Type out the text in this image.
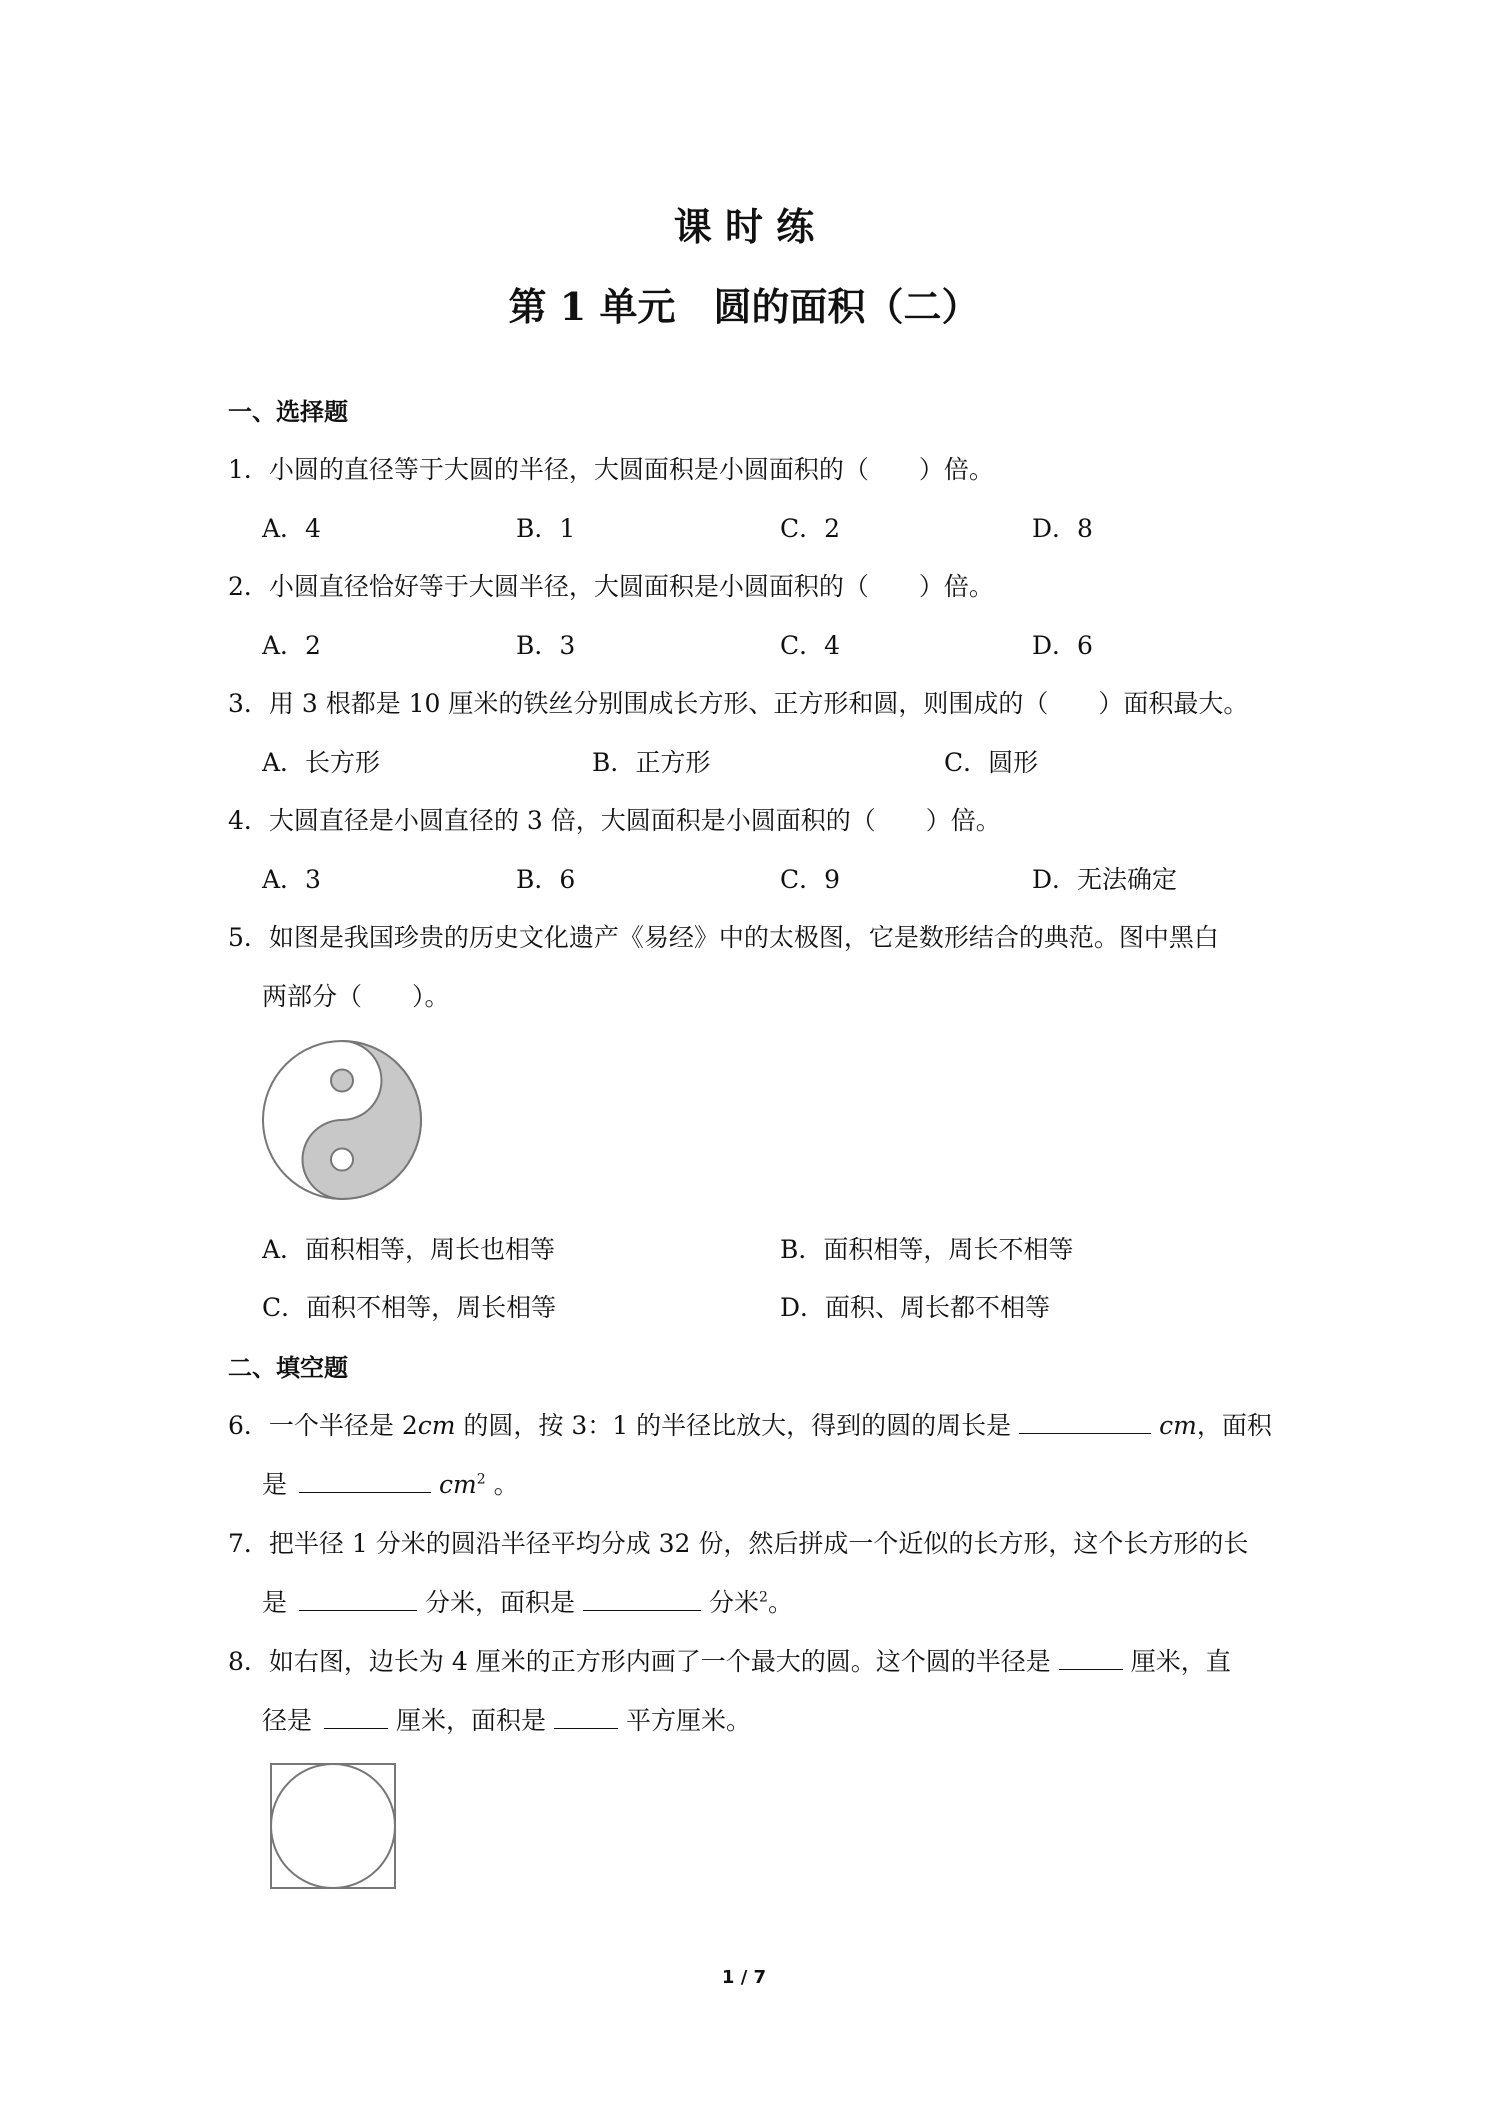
课 时 练
第 1 单元　圆的面积（二）
一、选择题
1．小圆的直径等于大圆的半径，大圆面积是小圆面积的（　　）倍。
A．4	B．1	C．2	D．8
2．小圆直径恰好等于大圆半径，大圆面积是小圆面积的（　　）倍。
A．2	B．3	C．4	D．6
3．用 3 根都是 10 厘米的铁丝分别围成长方形、正方形和圆，则围成的（　　）面积最大。
A．长方形	B．正方形	C．圆形
4．大圆直径是小圆直径的 3 倍，大圆面积是小圆面积的（　　）倍。
A．3	B．6	C．9	D．无法确定
5．如图是我国珍贵的历史文化遗产《易经》中的太极图，它是数形结合的典范。图中黑白
两部分（　　）。
A．面积相等，周长也相等	B．面积相等，周长不相等
C．面积不相等，周长相等	D．面积、周长都不相等
二、填空题
6．一个半径是 2cm 的圆，按 3：1 的半径比放大，得到的圆的周长是	cm，面积
是	$cm^2$ 。
7．把半径 1 分米的圆沿半径平均分成 32 份，然后拼成一个近似的长方形，这个长方形的长
是	分米，面积是	分米$^2$。
8．如右图，边长为 4 厘米的正方形内画了一个最大的圆。这个圆的半径是	厘米，直
径是	厘米，面积是	平方厘米。
1 / 7
